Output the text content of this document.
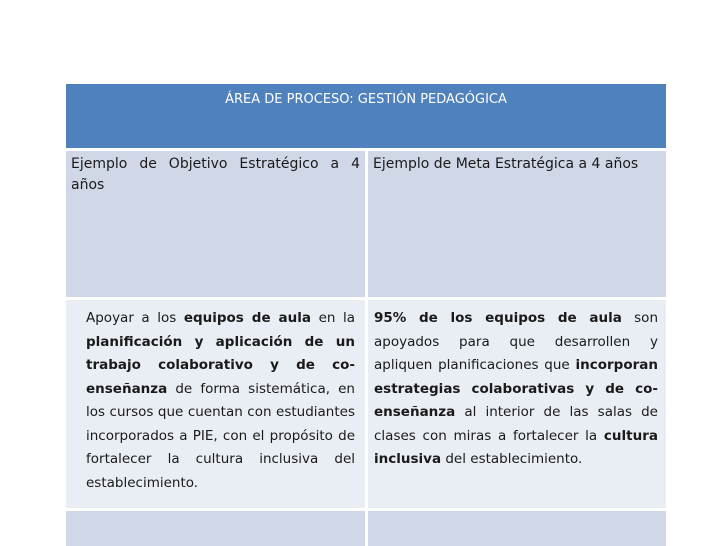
ÁREA DE PROCESO: GESTIÓN PEDAGÓGICA
Ejemplo de Objetivo Estratégico a 4 años
Ejemplo de Meta Estratégica a 4 años
Apoyar a los equipos de aula en la planificación y aplicación de un trabajo colaborativo y de co-enseñanza de forma sistemática, en los cursos que cuentan con estudiantes incorporados a PIE, con el propósito de fortalecer la cultura inclusiva del establecimiento.
95% de los equipos de aula son apoyados para que desarrollen y apliquen planificaciones que incorporan estrategias colaborativas y de co-enseñanza al interior de las salas de clases con miras a fortalecer la cultura inclusiva del establecimiento.
